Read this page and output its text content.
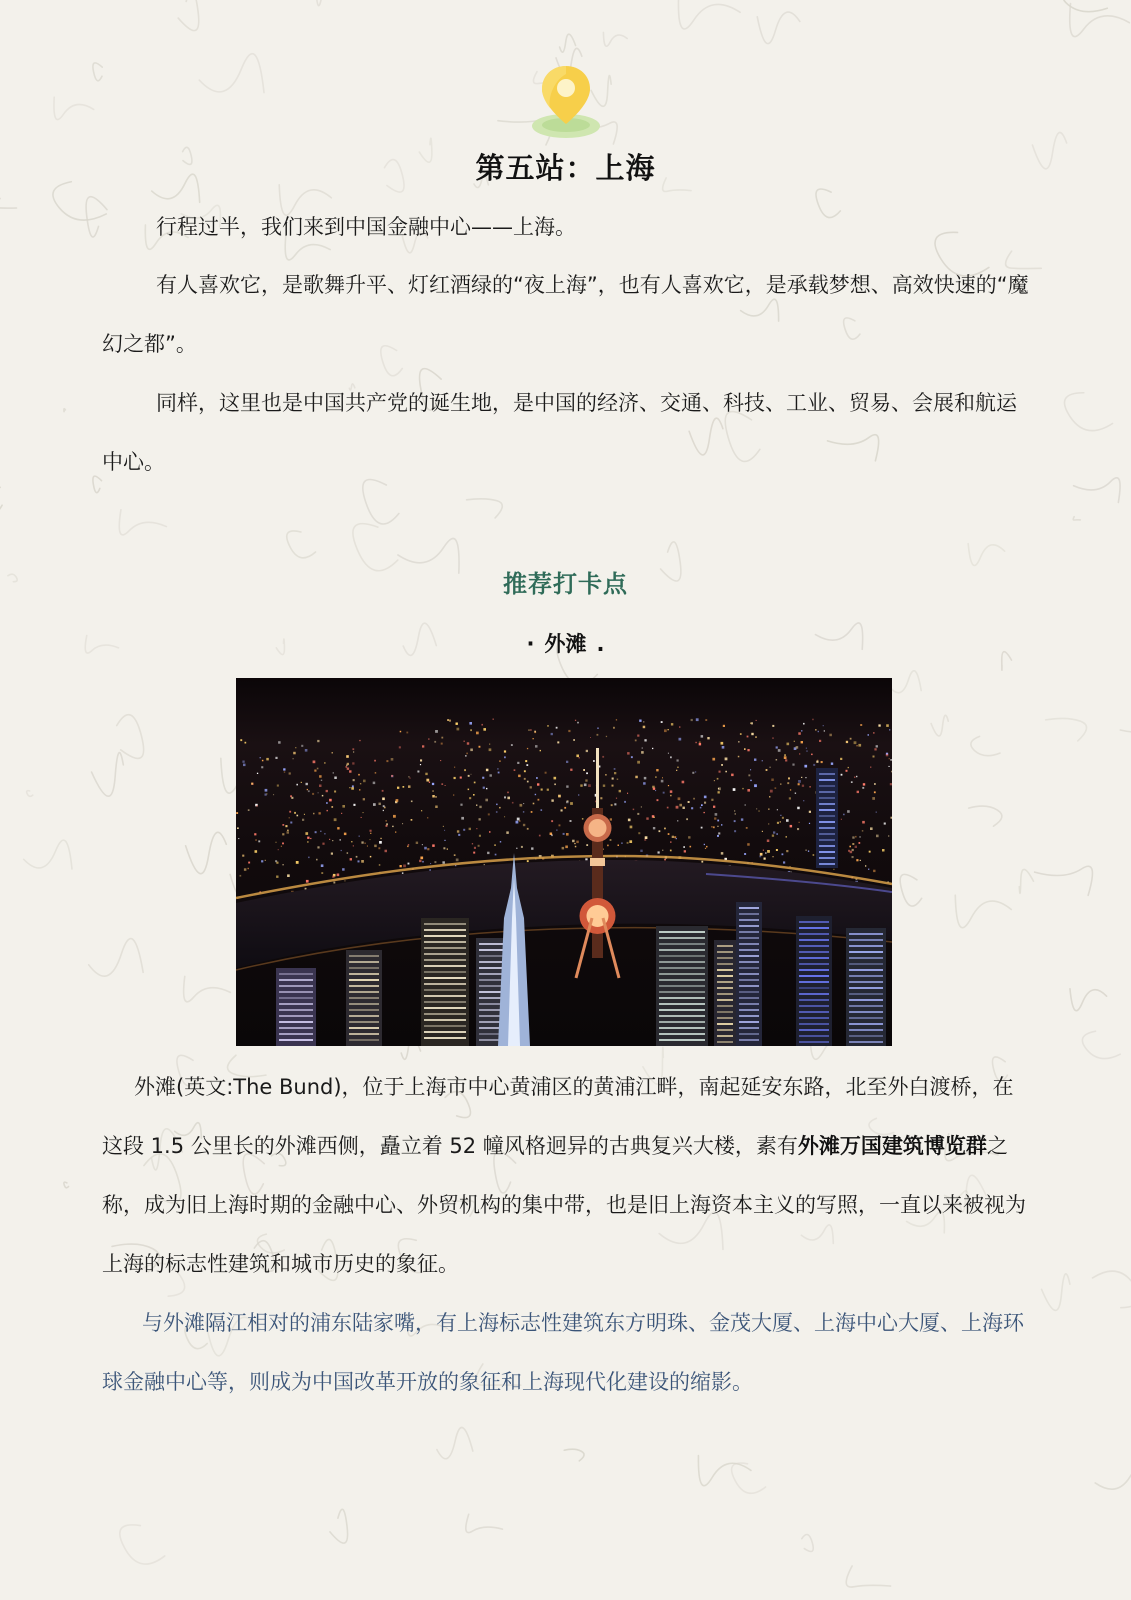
第五站：上海

行程过半，我们来到中国金融中心——上海。

有人喜欢它，是歌舞升平、灯红酒绿的“夜上海”，也有人喜欢它，是承载梦想、高效快速的“魔幻之都”。

同样，这里也是中国共产党的诞生地，是中国的经济、交通、科技、工业、贸易、会展和航运中心。

推荐打卡点
· 外滩 .

外滩(英文:The Bund)，位于上海市中心黄浦区的黄浦江畔，南起延安东路，北至外白渡桥，在这段 1.5 公里长的外滩西侧，矗立着 52 幢风格迥异的古典复兴大楼，素有外滩万国建筑博览群之称，成为旧上海时期的金融中心、外贸机构的集中带，也是旧上海资本主义的写照，一直以来被视为上海的标志性建筑和城市历史的象征。

与外滩隔江相对的浦东陆家嘴，有上海标志性建筑东方明珠、金茂大厦、上海中心大厦、上海环球金融中心等，则成为中国改革开放的象征和上海现代化建设的缩影。
